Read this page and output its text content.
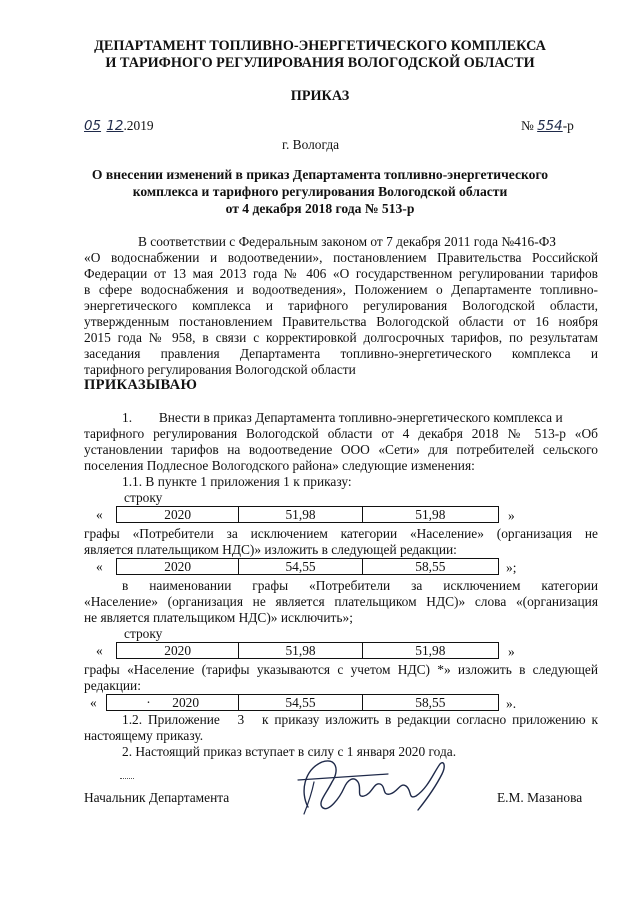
ДЕПАРТАМЕНТ ТОПЛИВНО-ЭНЕРГЕТИЧЕСКОГО КОМПЛЕКСА
И ТАРИФНОГО РЕГУЛИРОВАНИЯ ВОЛОГОДСКОЙ ОБЛАСТИ
ПРИКАЗ
05 12.2019	№ 554-р
г. Вологда
О внесении изменений в приказ Департамента топливно-энергетического
комплекса и тарифного регулирования Вологодской области
от 4 декабря 2018 года № 513-р
В соответствии с Федеральным законом от 7 декабря 2011 года №416-ФЗ
«О водоснабжении и водоотведении», постановлением Правительства Российской
Федерации от 13 мая 2013 года № 406 «О государственном регулировании тарифов
в сфере водоснабжения и водоотведения», Положением о Департаменте топливно-
энергетического комплекса и тарифного регулирования Вологодской области,
утвержденным постановлением Правительства Вологодской области от 16 ноября
2015 года № 958, в связи с корректировкой долгосрочных тарифов, по результатам
заседания правления Департамента топливно-энергетического комплекса и
тарифного регулирования Вологодской области
ПРИКАЗЫВАЮ
1.        Внести в приказ Департамента топливно-энергетического комплекса и
тарифного регулирования Вологодской области от 4 декабря 2018 № 513-р «Об
установлении тарифов на водоотведение ООО «Сети» для потребителей сельского
поселения Подлесное Вологодского района» следующие изменения:
1.1. В пункте 1 приложения 1 к приказу:
строку
«	2020	51,98	51,98	»
графы «Потребители за исключением категории «Население» (организация не
является плательщиком НДС)» изложить в следующей редакции:
«	2020	54,55	58,55	»;
в    наименовании    графы    «Потребители    за    исключением    категории
«Население» (организация не является плательщиком НДС)» слова «(организация
не является плательщиком НДС)» исключить»;
строку
«	2020	51,98	51,98	»
графы «Население (тарифы указываются с учетом НДС) *» изложить в следующей
редакции:
«	· 2020	54,55	58,55	».
1.2. Приложение   3   к приказу изложить в редакции согласно приложению к
настоящему приказу.
2. Настоящий приказ вступает в силу с 1 января 2020 года.
Начальник Департамента	Е.М. Мазанова
